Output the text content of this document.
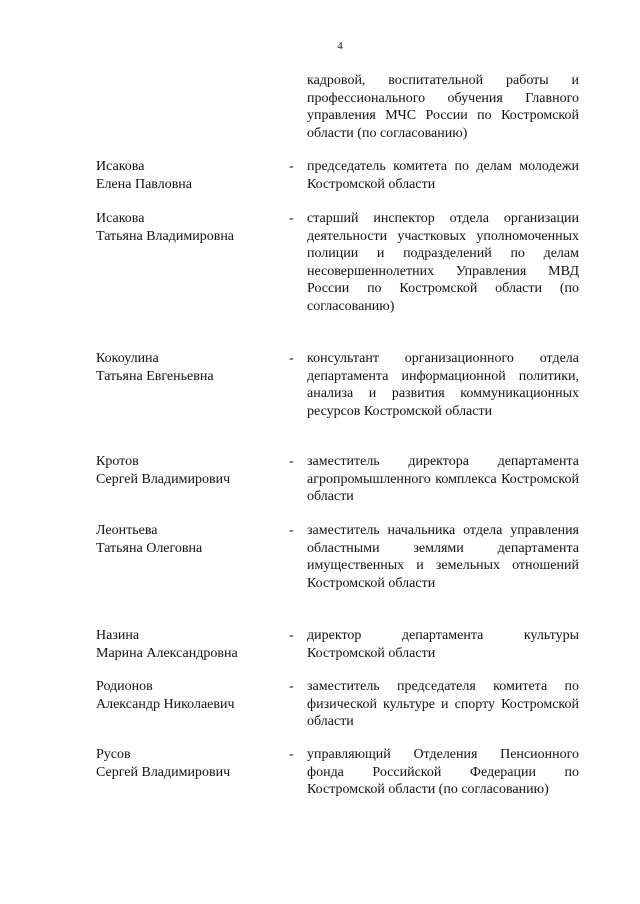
4
кадровой, воспитательной работы и профессионального обучения Главного управления МЧС России по Костромской области (по согласованию)
Исакова
Елена Павловна
- председатель комитета по делам молодежи Костромской области
Исакова
Татьяна Владимировна
- старший инспектор отдела организации деятельности участковых уполномоченных полиции и подразделений по делам несовершеннолетних Управления МВД России по Костромской области (по согласованию)
Кокоулина
Татьяна Евгеньевна
- консультант организационного отдела департамента информационной политики, анализа и развития коммуникационных ресурсов Костромской области
Кротов
Сергей Владимирович
- заместитель директора департамента агропромышленного комплекса Костромской области
Леонтьева
Татьяна Олеговна
- заместитель начальника отдела управления областными землями департамента имущественных и земельных отношений Костромской области
Назина
Марина Александровна
- директор департамента культуры Костромской области
Родионов
Александр Николаевич
- заместитель председателя комитета по физической культуре и спорту Костромской области
Русов
Сергей Владимирович
- управляющий Отделения Пенсионного фонда Российской Федерации по Костромской области (по согласованию)
